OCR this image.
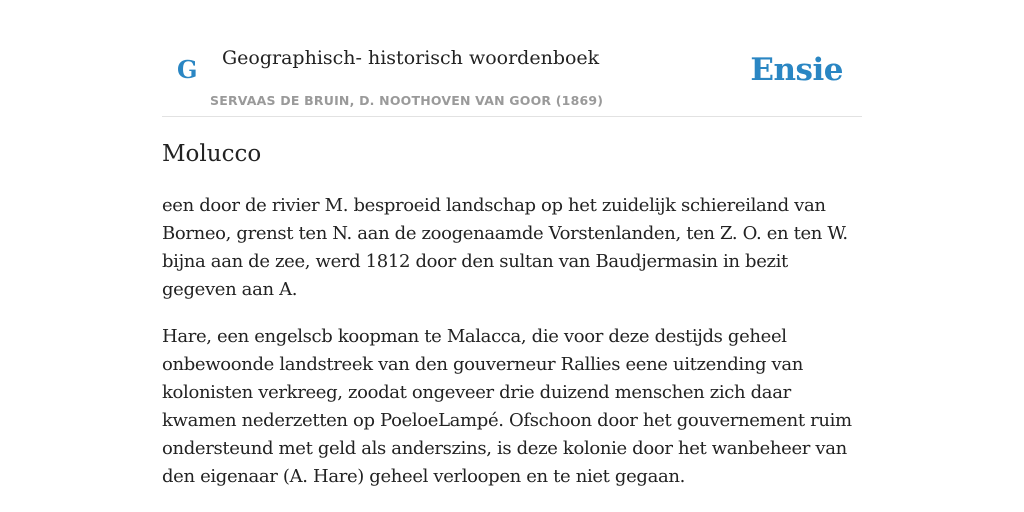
G Geographisch- historisch woordenboek
SERVAAS DE BRUIN, D. NOOTHOVEN VAN GOOR (1869)
Ensie
Molucco

een door de rivier M. besproeid landschap op het zuidelijk schiereiland van Borneo, grenst ten N. aan de zoogenaamde Vorstenlanden, ten Z. O. en ten W. bijna aan de zee, werd 1812 door den sultan van Baudjermasin in bezit gegeven aan A.

Hare, een engelscb koopman te Malacca, die voor deze destijds geheel onbewoonde landstreek van den gouverneur Rallies eene uitzending van kolonisten verkreeg, zoodat ongeveer drie duizend menschen zich daar kwamen nederzetten op PoeloeLampé. Ofschoon door het gouvernement ruim ondersteund met geld als anderszins, is deze kolonie door het wanbeheer van den eigenaar (A. Hare) geheel verloopen en te niet gegaan.
